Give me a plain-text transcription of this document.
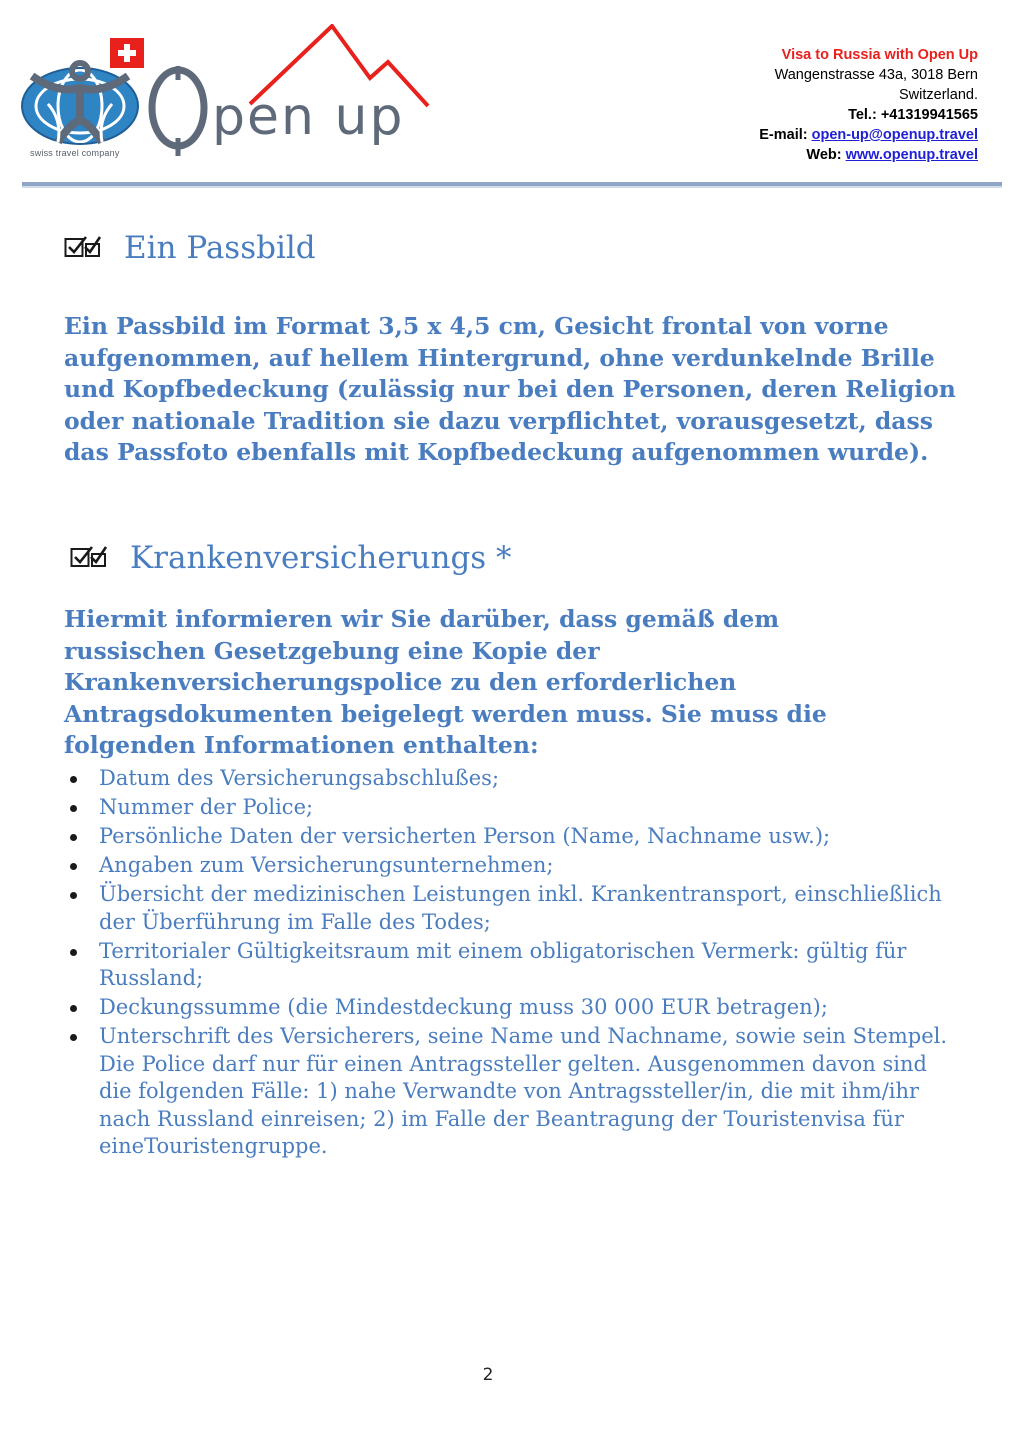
pen up
swiss travel company
Visa to Russia with Open Up
Wangenstrasse 43a, 3018 Bern
Switzerland.
Tel.: +41319941565
E-mail: open-up@openup.travel
Web: www.openup.travel
Ein Passbild
Ein Passbild im Format 3,5 x 4,5 cm, Gesicht frontal von vorne aufgenommen, auf hellem Hintergrund, ohne verdunkelnde Brille und Kopfbedeckung (zulässig nur bei den Personen, deren Religion oder nationale Tradition sie dazu verpflichtet, vorausgesetzt, dass das Passfoto ebenfalls mit Kopfbedeckung aufgenommen wurde).
Krankenversicherungs *
Hiermit informieren wir Sie darüber, dass gemäß dem russischen Gesetzgebung eine Kopie der Krankenversicherungspolice zu den erforderlichen Antragsdokumenten beigelegt werden muss. Sie muss die folgenden Informationen enthalten:
Datum des Versicherungsabschlußes;
Nummer der Police;
Persönliche Daten der versicherten Person (Name, Nachname usw.);
Angaben zum Versicherungsunternehmen;
Übersicht der medizinischen Leistungen inkl. Krankentransport, einschließlich der Überführung im Falle des Todes;
Territorialer Gültigkeitsraum mit einem obligatorischen Vermerk: gültig für Russland;
Deckungssumme (die Mindestdeckung muss 30 000 EUR betragen);
Unterschrift des Versicherers, seine Name und Nachname, sowie sein Stempel. Die Police darf nur für einen Antragssteller gelten. Ausgenommen davon sind die folgenden Fälle: 1) nahe Verwandte von Antragssteller/in, die mit ihm/ihr nach Russland einreisen; 2) im Falle der Beantragung der Touristenvisa für eineTouristengruppe.
2
